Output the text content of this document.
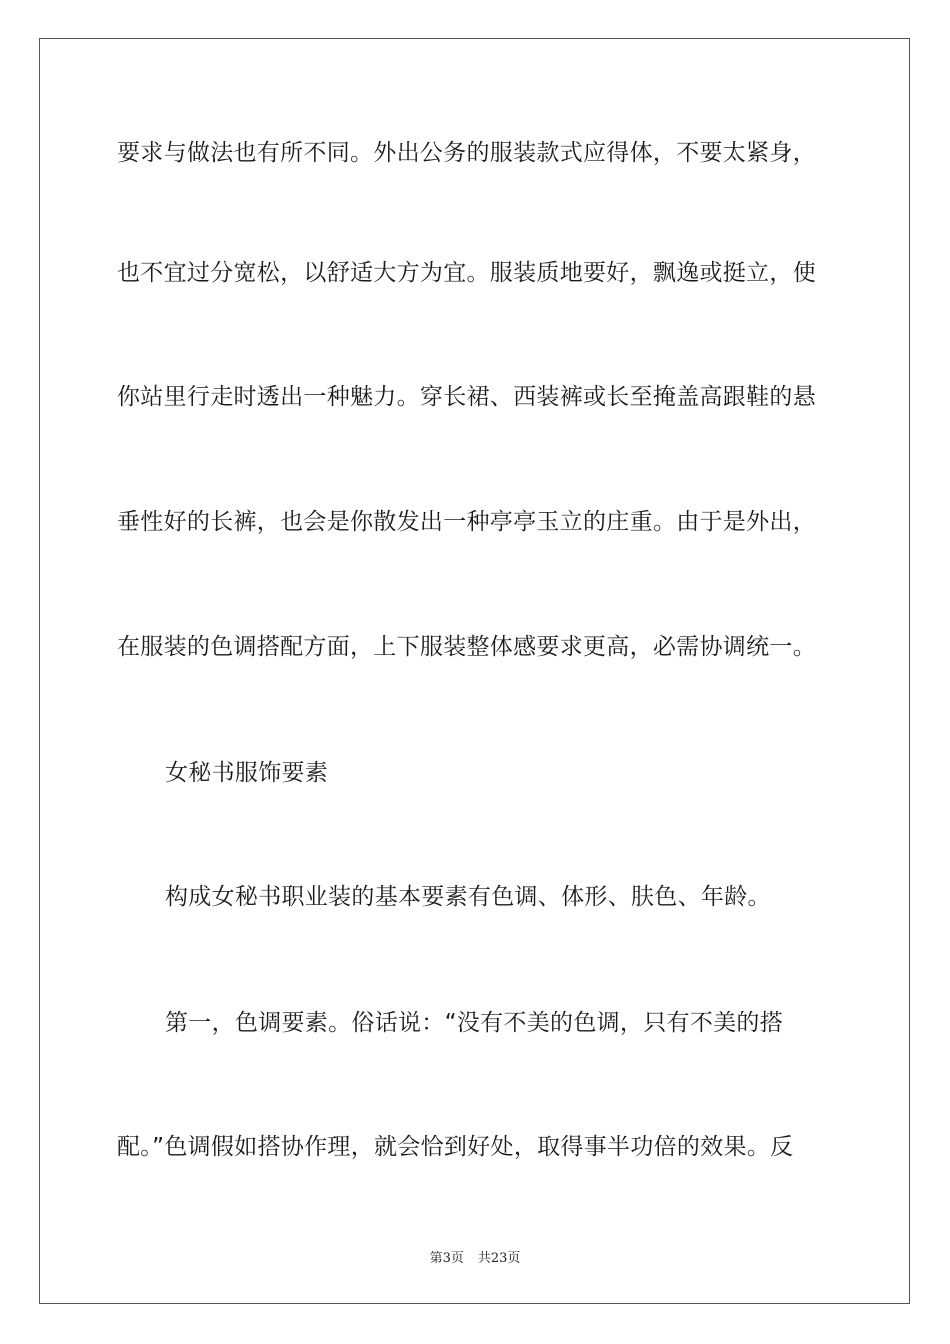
要求与做法也有所不同。外出公务的服装款式应得体，不要太紧身，
也不宜过分宽松，以舒适大方为宜。服装质地要好，飘逸或挺立，使
你站里行走时透出一种魅力。穿长裙、西装裤或长至掩盖高跟鞋的悬
垂性好的长裤，也会是你散发出一种亭亭玉立的庄重。由于是外出，
在服装的色调搭配方面，上下服装整体感要求更高，必需协调统一。
女秘书服饰要素
构成女秘书职业装的基本要素有色调、体形、肤色、年龄。
第一，色调要素。俗话说：“没有不美的色调，只有不美的搭
配。”色调假如搭协作理，就会恰到好处，取得事半功倍的效果。反
第3页 共23页
